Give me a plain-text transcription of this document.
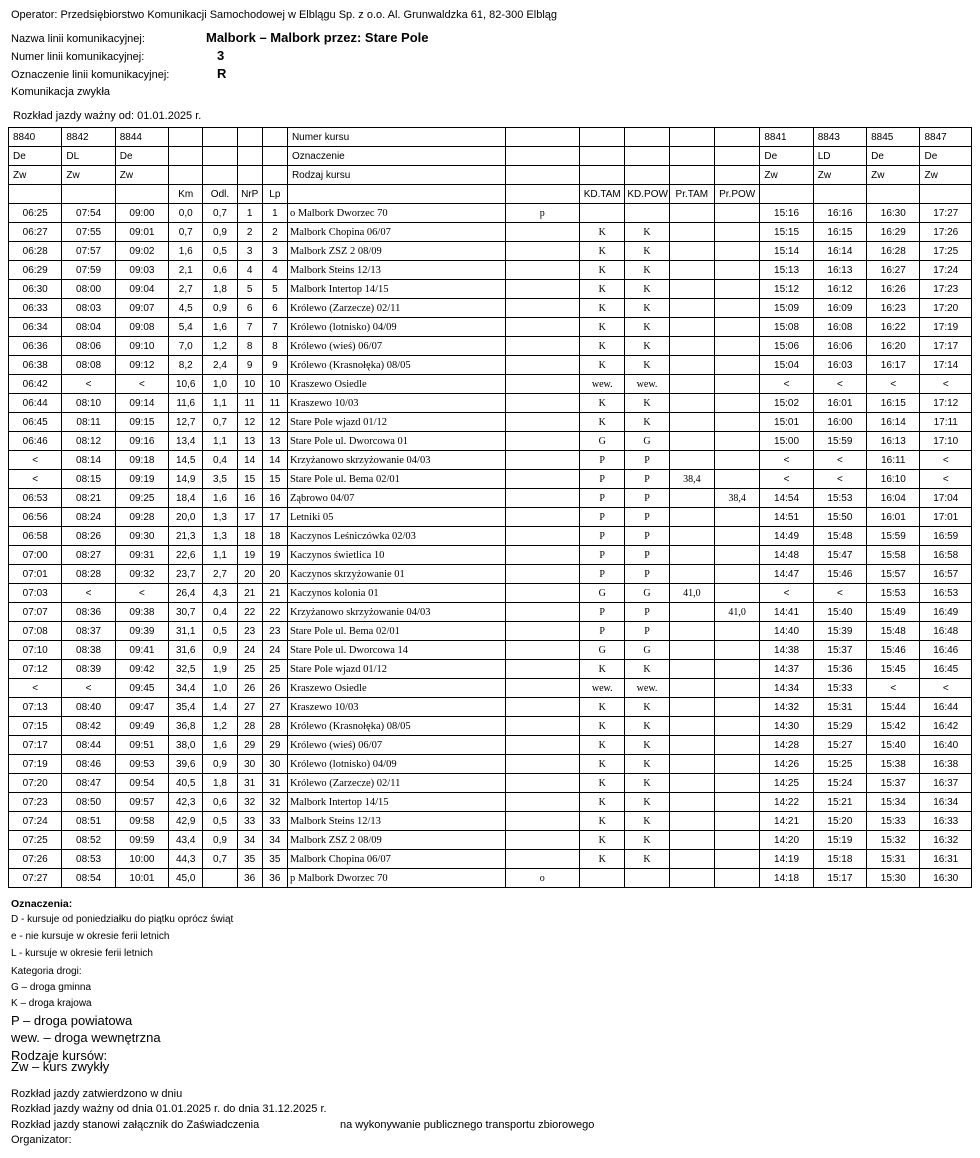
Operator: Przedsiębiorstwo Komunikacji Samochodowej w Elblągu Sp. z o.o. Al. Grunwaldzka 61, 82-300 Elbląg
Nazwa linii komunikacyjnej:	Malbork – Malbork przez: Stare Pole
Numer linii komunikacyjnej:	3
Oznaczenie linii komunikacyjnej:	R
Komunikacja zwykła
Rozkład jazdy ważny od: 01.01.2025 r.
8840	8842	8844					Numer kursu						8841	8843	8845	8847
De	DL	De					Oznaczenie						De	LD	De	De
Zw	Zw	Zw					Rodzaj kursu						Zw	Zw	Zw	Zw
			Km	Odl.	NrP	Lp			KD.TAM	KD.POW	Pr.TAM	Pr.POW				
06:25	07:54	09:00	0,0	0,7	1	1	o Malbork Dworzec 70	p					15:16	16:16	16:30	17:27
06:27	07:55	09:01	0,7	0,9	2	2	Malbork Chopina 06/07		K	K			15:15	16:15	16:29	17:26
06:28	07:57	09:02	1,6	0,5	3	3	Malbork ZSZ 2 08/09		K	K			15:14	16:14	16:28	17:25
06:29	07:59	09:03	2,1	0,6	4	4	Malbork Steins 12/13		K	K			15:13	16:13	16:27	17:24
06:30	08:00	09:04	2,7	1,8	5	5	Malbork Intertop 14/15		K	K			15:12	16:12	16:26	17:23
06:33	08:03	09:07	4,5	0,9	6	6	Królewo (Zarzecze) 02/11		K	K			15:09	16:09	16:23	17:20
06:34	08:04	09:08	5,4	1,6	7	7	Królewo (lotnisko) 04/09		K	K			15:08	16:08	16:22	17:19
06:36	08:06	09:10	7,0	1,2	8	8	Królewo (wieś) 06/07		K	K			15:06	16:06	16:20	17:17
06:38	08:08	09:12	8,2	2,4	9	9	Królewo (Krasnołęka) 08/05		K	K			15:04	16:03	16:17	17:14
06:42	<	<	10,6	1,0	10	10	Kraszewo Osiedle		wew.	wew.			<	<	<	<
06:44	08:10	09:14	11,6	1,1	11	11	Kraszewo 10/03		K	K			15:02	16:01	16:15	17:12
06:45	08:11	09:15	12,7	0,7	12	12	Stare Pole wjazd 01/12		K	K			15:01	16:00	16:14	17:11
06:46	08:12	09:16	13,4	1,1	13	13	Stare Pole ul. Dworcowa 01		G	G			15:00	15:59	16:13	17:10
<	08:14	09:18	14,5	0,4	14	14	Krzyżanowo skrzyżowanie 04/03		P	P			<	<	16:11	<
<	08:15	09:19	14,9	3,5	15	15	Stare Pole ul. Bema 02/01		P	P	38,4		<	<	16:10	<
06:53	08:21	09:25	18,4	1,6	16	16	Ząbrowo 04/07		P	P		38,4	14:54	15:53	16:04	17:04
06:56	08:24	09:28	20,0	1,3	17	17	Letniki 05		P	P			14:51	15:50	16:01	17:01
06:58	08:26	09:30	21,3	1,3	18	18	Kaczynos Leśniczówka 02/03		P	P			14:49	15:48	15:59	16:59
07:00	08:27	09:31	22,6	1,1	19	19	Kaczynos świetlica 10		P	P			14:48	15:47	15:58	16:58
07:01	08:28	09:32	23,7	2,7	20	20	Kaczynos skrzyżowanie 01		P	P			14:47	15:46	15:57	16:57
07:03	<	<	26,4	4,3	21	21	Kaczynos kolonia 01		G	G	41,0		<	<	15:53	16:53
07:07	08:36	09:38	30,7	0,4	22	22	Krzyżanowo skrzyżowanie 04/03		P	P		41,0	14:41	15:40	15:49	16:49
07:08	08:37	09:39	31,1	0,5	23	23	Stare Pole ul. Bema 02/01		P	P			14:40	15:39	15:48	16:48
07:10	08:38	09:41	31,6	0,9	24	24	Stare Pole ul. Dworcowa 14		G	G			14:38	15:37	15:46	16:46
07:12	08:39	09:42	32,5	1,9	25	25	Stare Pole wjazd 01/12		K	K			14:37	15:36	15:45	16:45
<	<	09:45	34,4	1,0	26	26	Kraszewo Osiedle		wew.	wew.			14:34	15:33	<	<
07:13	08:40	09:47	35,4	1,4	27	27	Kraszewo 10/03		K	K			14:32	15:31	15:44	16:44
07:15	08:42	09:49	36,8	1,2	28	28	Królewo (Krasnołęka) 08/05		K	K			14:30	15:29	15:42	16:42
07:17	08:44	09:51	38,0	1,6	29	29	Królewo (wieś) 06/07		K	K			14:28	15:27	15:40	16:40
07:19	08:46	09:53	39,6	0,9	30	30	Królewo (lotnisko) 04/09		K	K			14:26	15:25	15:38	16:38
07:20	08:47	09:54	40,5	1,8	31	31	Królewo (Zarzecze) 02/11		K	K			14:25	15:24	15:37	16:37
07:23	08:50	09:57	42,3	0,6	32	32	Malbork Intertop 14/15		K	K			14:22	15:21	15:34	16:34
07:24	08:51	09:58	42,9	0,5	33	33	Malbork Steins 12/13		K	K			14:21	15:20	15:33	16:33
07:25	08:52	09:59	43,4	0,9	34	34	Malbork ZSZ 2 08/09		K	K			14:20	15:19	15:32	16:32
07:26	08:53	10:00	44,3	0,7	35	35	Malbork Chopina 06/07		K	K			14:19	15:18	15:31	16:31
07:27	08:54	10:01	45,0		36	36	p Malbork Dworzec 70	o					14:18	15:17	15:30	16:30
Oznaczenia:
D - kursuje od poniedziałku do piątku oprócz świąt
e - nie kursuje w okresie ferii letnich
L - kursuje w okresie ferii letnich
Kategoria drogi:
G – droga gminna
K – droga krajowa
P – droga powiatowa
wew. – droga wewnętrzna
Rodzaje kursów:
Zw – kurs zwykły
Rozkład jazdy zatwierdzono w dniu
Rozkład jazdy ważny od dnia 01.01.2025 r. do dnia 31.12.2025 r.
Rozkład jazdy stanowi załącznik do Zaświadczenia	na wykonywanie publicznego transportu zbiorowego
Organizator:
